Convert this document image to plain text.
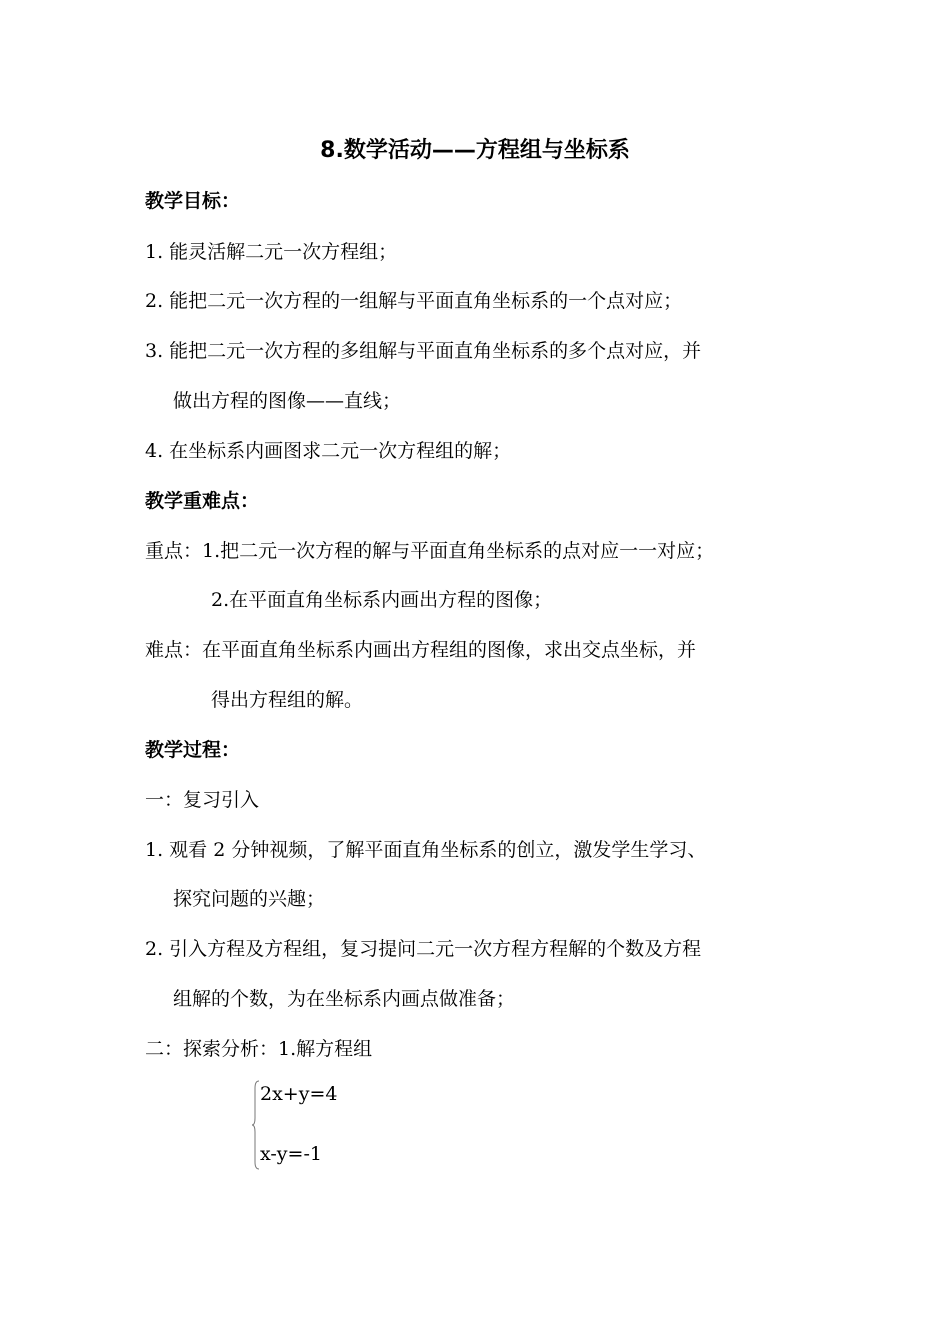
8.数学活动——方程组与坐标系
教学目标：
1. 能灵活解二元一次方程组；
2. 能把二元一次方程的一组解与平面直角坐标系的一个点对应；
3. 能把二元一次方程的多组解与平面直角坐标系的多个点对应，并
做出方程的图像——直线；
4. 在坐标系内画图求二元一次方程组的解；
教学重难点：
重点：1.把二元一次方程的解与平面直角坐标系的点对应一一对应；
2.在平面直角坐标系内画出方程的图像；
难点：在平面直角坐标系内画出方程组的图像，求出交点坐标，并
得出方程组的解。
教学过程：
一：复习引入
1. 观看 2 分钟视频，了解平面直角坐标系的创立，激发学生学习、
探究问题的兴趣；
2. 引入方程及方程组，复习提问二元一次方程方程解的个数及方程
组解的个数，为在坐标系内画点做准备；
二：探索分析：1.解方程组
2x+y=4
x-y=-1
